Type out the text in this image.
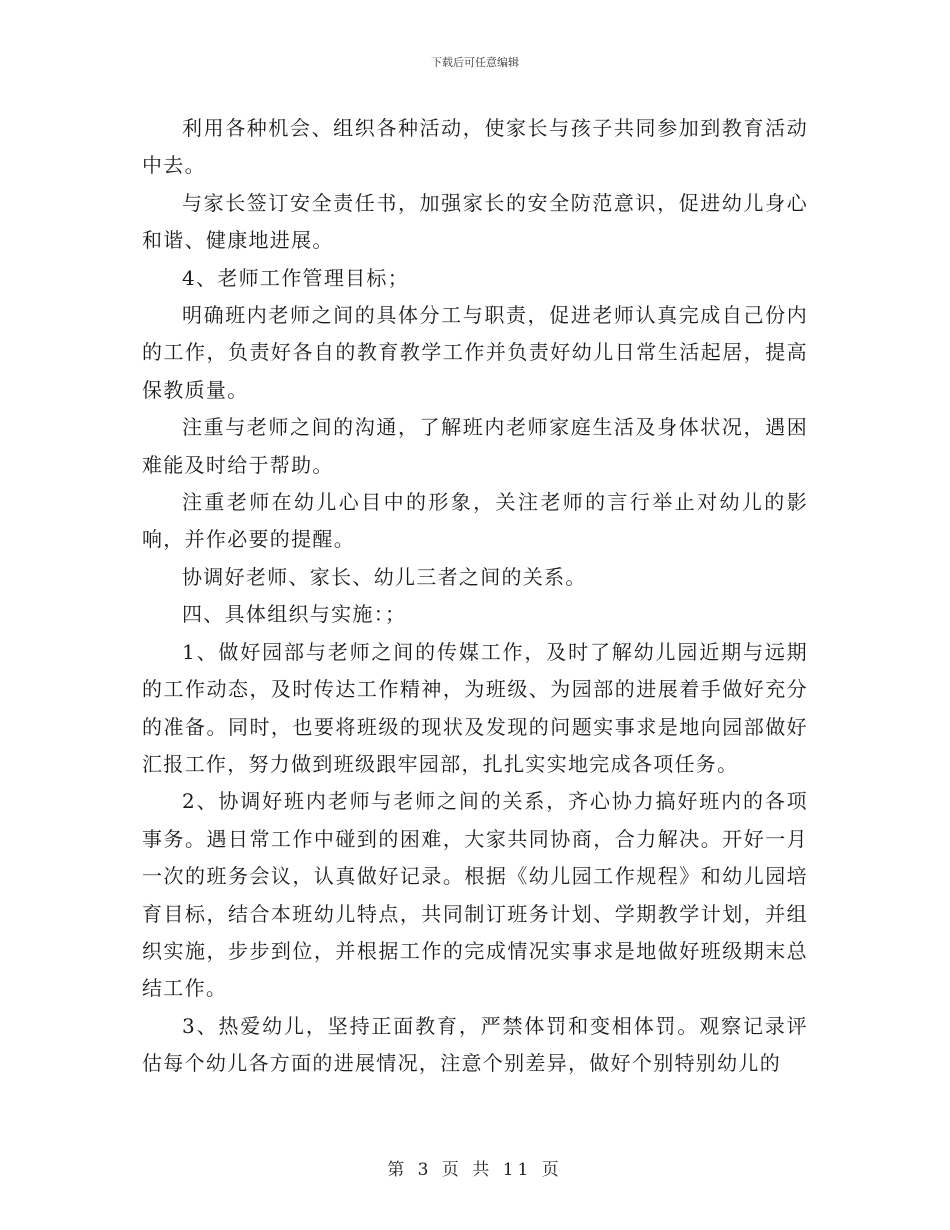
下载后可任意编辑

利用各种机会、组织各种活动，使家长与孩子共同参加到教育活动中去。

与家长签订安全责任书，加强家长的安全防范意识，促进幼儿身心和谐、健康地进展。

4、老师工作管理目标；

明确班内老师之间的具体分工与职责，促进老师认真完成自己份内的工作，负责好各自的教育教学工作并负责好幼儿日常生活起居，提高保教质量。

注重与老师之间的沟通，了解班内老师家庭生活及身体状况，遇困难能及时给于帮助。

注重老师在幼儿心目中的形象，关注老师的言行举止对幼儿的影响，并作必要的提醒。

协调好老师、家长、幼儿三者之间的关系。

四、具体组织与实施：；

1、做好园部与老师之间的传媒工作，及时了解幼儿园近期与远期的工作动态，及时传达工作精神，为班级、为园部的进展着手做好充分的准备。同时，也要将班级的现状及发现的问题实事求是地向园部做好汇报工作，努力做到班级跟牢园部，扎扎实实地完成各项任务。

2、协调好班内老师与老师之间的关系，齐心协力搞好班内的各项事务。遇日常工作中碰到的困难，大家共同协商，合力解决。开好一月一次的班务会议，认真做好记录。根据《幼儿园工作规程》和幼儿园培育目标，结合本班幼儿特点，共同制订班务计划、学期教学计划，并组织实施，步步到位，并根据工作的完成情况实事求是地做好班级期末总结工作。

3、热爱幼儿，坚持正面教育，严禁体罚和变相体罚。观察记录评估每个幼儿各方面的进展情况，注意个别差异，做好个别特别幼儿的

第 3 页 共 11 页
